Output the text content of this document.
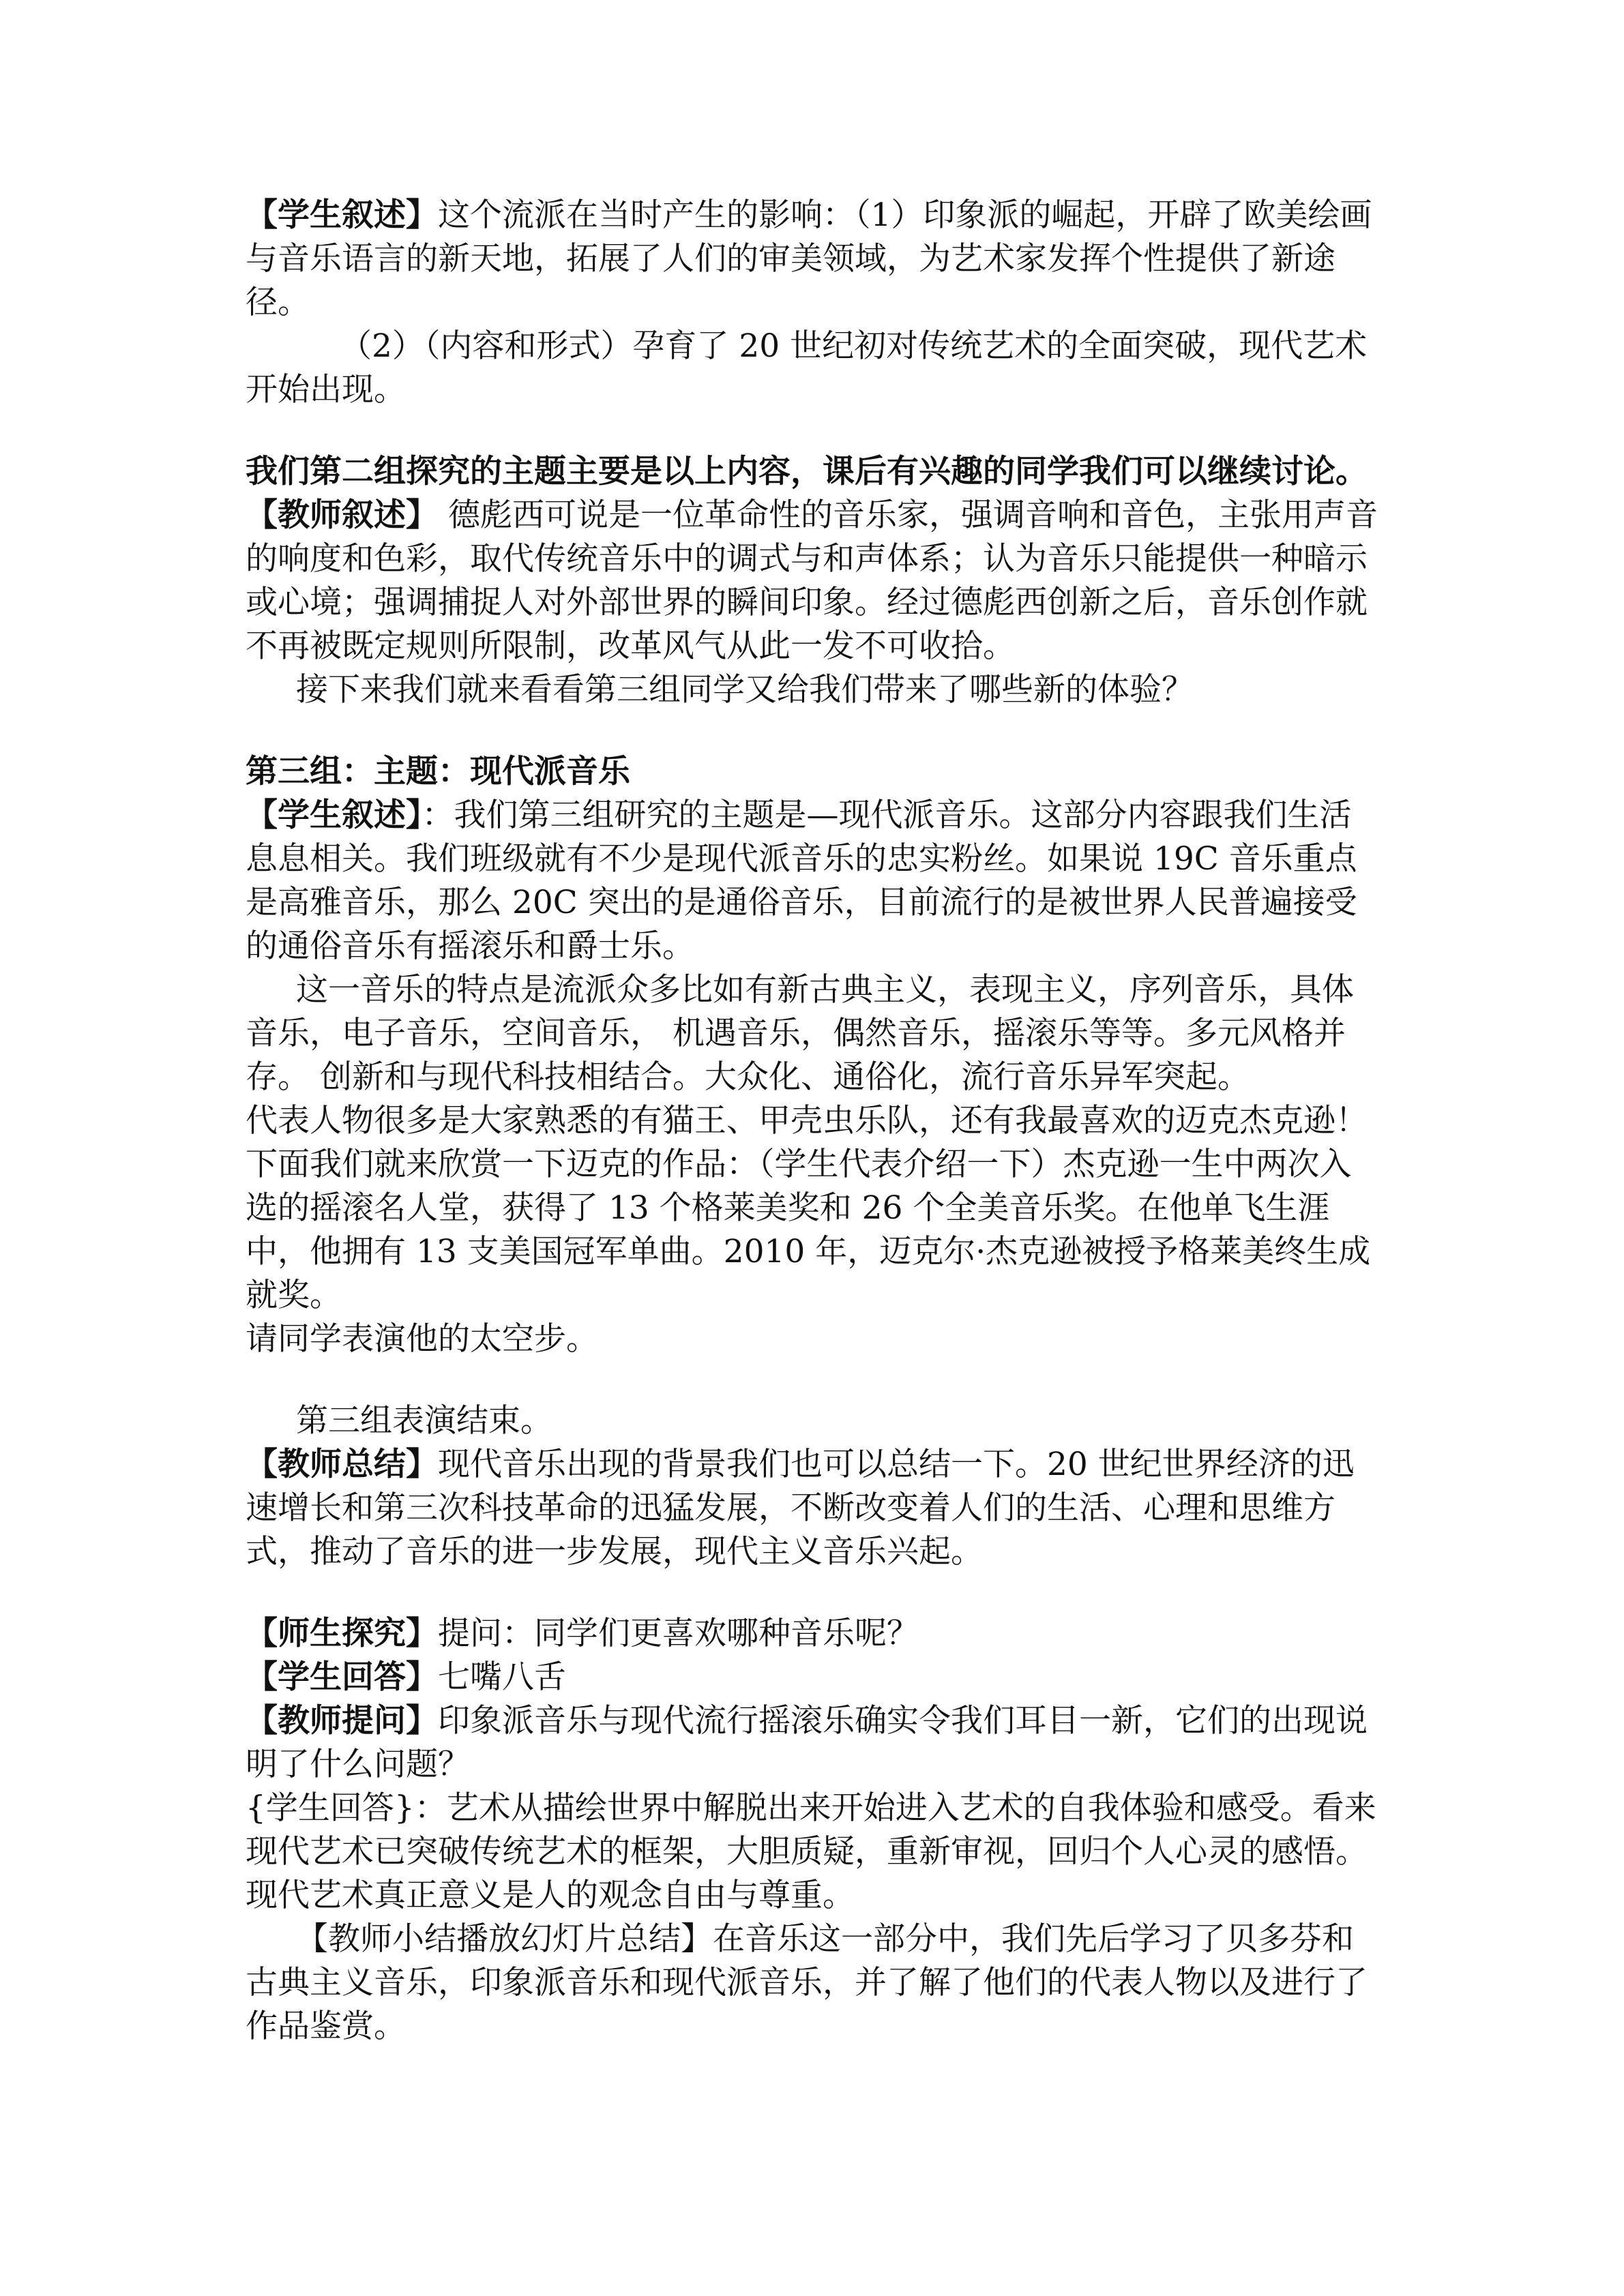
【学生叙述】这个流派在当时产生的影响：（1）印象派的崛起，开辟了欧美绘画与音乐语言的新天地，拓展了人们的审美领域，为艺术家发挥个性提供了新途径。

（2）（内容和形式）孕育了 20 世纪初对传统艺术的全面突破，现代艺术开始出现。

我们第二组探究的主题主要是以上内容，课后有兴趣的同学我们可以继续讨论。

【教师叙述】 德彪西可说是一位革命性的音乐家，强调音响和音色，主张用声音的响度和色彩，取代传统音乐中的调式与和声体系；认为音乐只能提供一种暗示或心境；强调捕捉人对外部世界的瞬间印象。经过德彪西创新之后，音乐创作就不再被既定规则所限制，改革风气从此一发不可收拾。

接下来我们就来看看第三组同学又给我们带来了哪些新的体验？

第三组：主题：现代派音乐

【学生叙述】：我们第三组研究的主题是—现代派音乐。这部分内容跟我们生活息息相关。我们班级就有不少是现代派音乐的忠实粉丝。如果说 19C 音乐重点是高雅音乐，那么 20C 突出的是通俗音乐，目前流行的是被世界人民普遍接受的通俗音乐有摇滚乐和爵士乐。

这一音乐的特点是流派众多比如有新古典主义，表现主义，序列音乐，具体音乐，电子音乐，空间音乐， 机遇音乐，偶然音乐，摇滚乐等等。多元风格并存。 创新和与现代科技相结合。大众化、通俗化，流行音乐异军突起。

代表人物很多是大家熟悉的有猫王、甲壳虫乐队，还有我最喜欢的迈克杰克逊！下面我们就来欣赏一下迈克的作品：（学生代表介绍一下）杰克逊一生中两次入选的摇滚名人堂，获得了 13 个格莱美奖和 26 个全美音乐奖。在他单飞生涯中，他拥有 13 支美国冠军单曲。2010 年，迈克尔·杰克逊被授予格莱美终生成就奖。

请同学表演他的太空步。

第三组表演结束。

【教师总结】现代音乐出现的背景我们也可以总结一下。20 世纪世界经济的迅速增长和第三次科技革命的迅猛发展，不断改变着人们的生活、心理和思维方式，推动了音乐的进一步发展，现代主义音乐兴起。

【师生探究】提问：同学们更喜欢哪种音乐呢？

【学生回答】七嘴八舌

【教师提问】印象派音乐与现代流行摇滚乐确实令我们耳目一新，它们的出现说明了什么问题？

{学生回答}：艺术从描绘世界中解脱出来开始进入艺术的自我体验和感受。看来现代艺术已突破传统艺术的框架，大胆质疑，重新审视，回归个人心灵的感悟。现代艺术真正意义是人的观念自由与尊重。

【教师小结播放幻灯片总结】在音乐这一部分中，我们先后学习了贝多芬和古典主义音乐，印象派音乐和现代派音乐，并了解了他们的代表人物以及进行了作品鉴赏。
